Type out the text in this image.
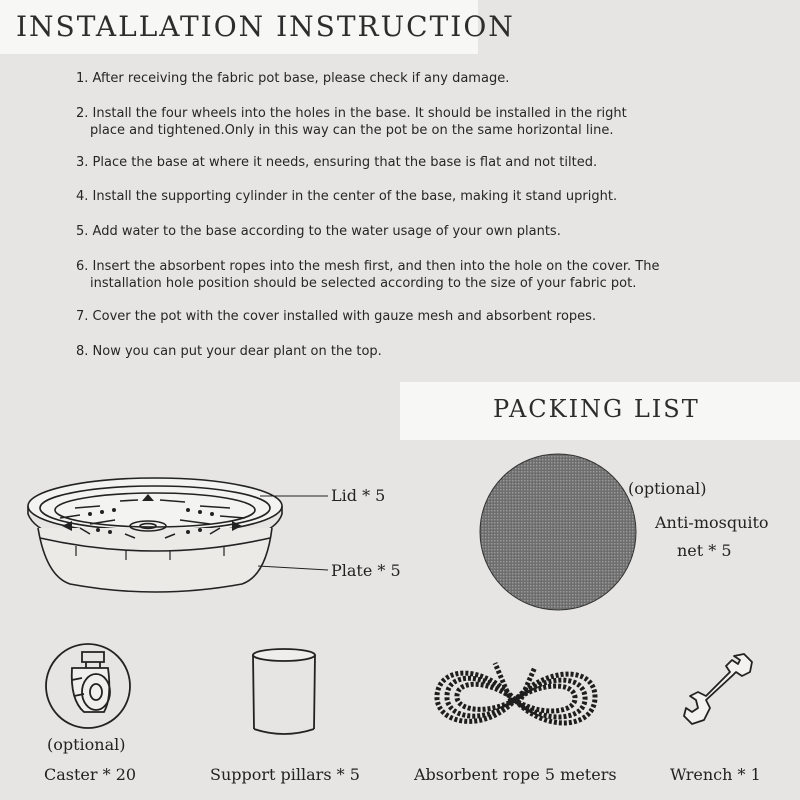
INSTALLATION INSTRUCTION
1. After receiving the fabric pot base, please check if any damage.
2. Install the four wheels into the holes in the base. It should be installed in the right
place and tightened.Only in this way can the pot be on the same horizontal line.
3. Place the base at where it needs, ensuring that the base is flat and not tilted.
4. Install the supporting cylinder in the center of the base, making it stand upright.
5. Add water to the base according to the water usage of your own plants.
6. Insert the absorbent ropes into the mesh first, and then into the hole on the cover. The
installation hole position should be selected according to the size of your fabric pot.
7. Cover the pot with the cover installed with gauze mesh and absorbent ropes.
8. Now you can put your dear plant on the top.
PACKING LIST
Lid * 5
Plate * 5
(optional)
Anti-mosquito
net * 5
(optional)
Caster * 20	Support pillars * 5	Absorbent rope 5 meters	Wrench * 1
